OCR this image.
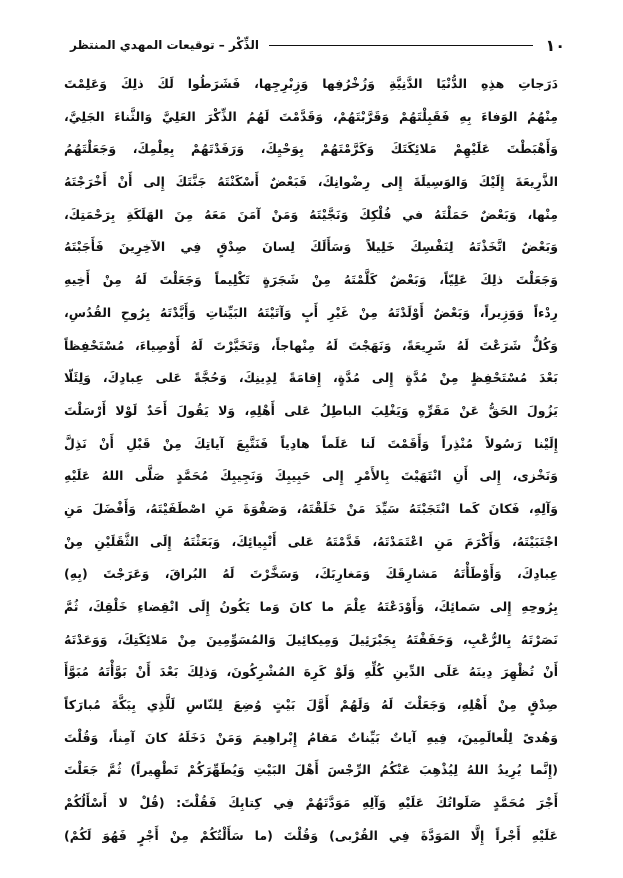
١٠
الذِّكْر – توقيعات المهدي المنتظر
دَرَجاتِ هذِهِ الدُّنْيَا الدَّنِيَّةِ وَزُخْرُفِها وَزِبْرِجِها، فَشَرَطُوا لَكَ ذلِكَ وَعَلِمْتَ
مِنْهُمُ الوَفاءَ بِهِ فَقَبِلْتَهُمْ وَقَرَّبْتَهُمْ، وَقَدَّمْتَ لَهُمُ الذِّكْرَ العَلِيَّ وَالثَّناءَ الجَلِيَّ،
وَأَهْبَطْتَ عَلَيْهِمْ مَلائِكَتَكَ وَكَرَّمْتَهُمْ بِوَحْيِكَ، وَرَفَدْتَهُمْ بِعِلْمِكَ، وَجَعَلْتَهُمُ
الذَّرِيعَةَ إِلَيْكَ وَالوَسِيلَةَ إِلى رِضْوانِكَ، فَبَعْضٌ أَسْكَنْتَهُ جَنَّتَكَ إِلى أَنْ أَخْرَجْتَهُ
مِنْها، وَبَعْضٌ حَمَلْتَهُ في فُلْكِكَ وَنَجَّيْتَهُ وَمَنْ آمَنَ مَعَهُ مِنَ الهَلَكَةِ بِرَحْمَتِكَ،
وَبَعْضٌ اتَّخَذْتَهُ لِنَفْسِكَ خَلِيلاً وَسَأَلَكَ لِسانَ صِدْقٍ فِي الآخِرِينَ فَأَجَبْتَهُ
وَجَعَلْتَ ذلِكَ عَلِيّاً، وَبَعْضٌ كَلَّمْتَهُ مِنْ شَجَرَةٍ تَكْلِيماً وَجَعَلْتَ لَهُ مِنْ أَخِيهِ
رِدْءاً وَوَزِيراً، وَبَعْضٌ أَوْلَدْتَهُ مِنْ غَيْرِ أَبٍ وَآتَيْتَهُ البَيِّناتِ وَأَيَّدْتَهُ بِرُوحِ القُدُسِ،
وَكُلٌّ شَرَعْتَ لَهُ شَرِيعَةً، وَنَهَجْتَ لَهُ مِنْهاجاً، وَتَخَيَّرْتَ لَهُ أَوْصِياءَ، مُسْتَحْفِظاً
بَعْدَ مُسْتَحْفِظٍ مِنْ مُدَّةٍ إِلى مُدَّةٍ، إِقامَةً لِدِينِكَ، وَحُجَّةً عَلى عِبادِكَ، وَلِئَلّا
يَزُولَ الحَقُّ عَنْ مَقَرِّهِ وَيَغْلِبَ الباطِلُ عَلى أَهْلِهِ، وَلا يَقُولَ أَحَدٌ لَوْلا أَرْسَلْتَ
إِلَيْنا رَسُولاً مُنْذِراً وَأَقَمْتَ لَنا عَلَماً هادِياً فَنَتَّبِعَ آياتِكَ مِنْ قَبْلِ أَنْ نَذِلَّ
وَنَخْزى، إِلى أَنِ انْتَهَيْتَ بِالأَمْرِ إِلى حَبِيبِكَ وَنَجِيبِكَ مُحَمَّدٍ صَلَّى اللهُ عَلَيْهِ
وَآلِهِ، فَكانَ كَما انْتَجَبْتَهُ سَيِّدَ مَنْ خَلَقْتَهُ، وَصَفْوَةَ مَنِ اصْطَفَيْتَهُ، وَأَفْضَلَ مَنِ
اجْتَبَيْتَهُ، وَأَكْرَمَ مَنِ اعْتَمَدْتَهُ، قَدَّمْتَهُ عَلى أَنْبِيائِكَ، وَبَعَثْتَهُ إِلَى الثَّقَلَيْنِ مِنْ
عِبادِكَ، وَأَوْطَأْتَهُ مَشارِقَكَ وَمَغارِبَكَ، وَسَخَّرْتَ لَهُ البُراقَ، وَعَرَجْتَ (بِهِ)
بِرُوحِهِ إِلى سَمائِكَ، وَأَوْدَعْتَهُ عِلْمَ ما كانَ وَما يَكُونُ إِلَى انْقِضاءِ خَلْقِكَ، ثُمَّ
نَصَرْتَهُ بِالرُّعْبِ، وَحَفَفْتَهُ بِجَبْرَئِيلَ وَمِيكائِيلَ وَالمُسَوِّمِينَ مِنْ مَلائِكَتِكَ، وَوَعَدْتَهُ
أَنْ تُظْهِرَ دِينَهُ عَلَى الدِّينِ كُلِّهِ وَلَوْ كَرِهَ المُشْرِكُونَ، وَذلِكَ بَعْدَ أَنْ بَوَّأْتَهُ مُبَوَّأَ
صِدْقٍ مِنْ أَهْلِهِ، وَجَعَلْتَ لَهُ وَلَهُمْ أَوَّلَ بَيْتٍ وُضِعَ لِلنّاسِ لَلَّذِي بِبَكَّةَ مُبارَكاً
وَهُدىً لِلْعالَمِينَ، فِيهِ آياتٌ بَيِّناتٌ مَقامُ إِبْراهِيمَ وَمَنْ دَخَلَهُ كانَ آمِناً، وَقُلْتَ
(إِنَّما يُرِيدُ اللهُ لِيُذْهِبَ عَنْكُمُ الرِّجْسَ أَهْلَ البَيْتِ وَيُطَهِّرَكُمْ تَطْهِيراً) ثُمَّ جَعَلْتَ
أَجْرَ مُحَمَّدٍ صَلَواتُكَ عَلَيْهِ وَآلِهِ مَوَدَّتَهُمْ فِي كِتابِكَ فَقُلْتَ: (قُلْ لا أَسْأَلُكُمْ
عَلَيْهِ أَجْراً إِلَّا المَوَدَّةَ فِي القُرْبى) وَقُلْتَ (ما سَأَلْتُكُمْ مِنْ أَجْرٍ فَهُوَ لَكُمْ)
